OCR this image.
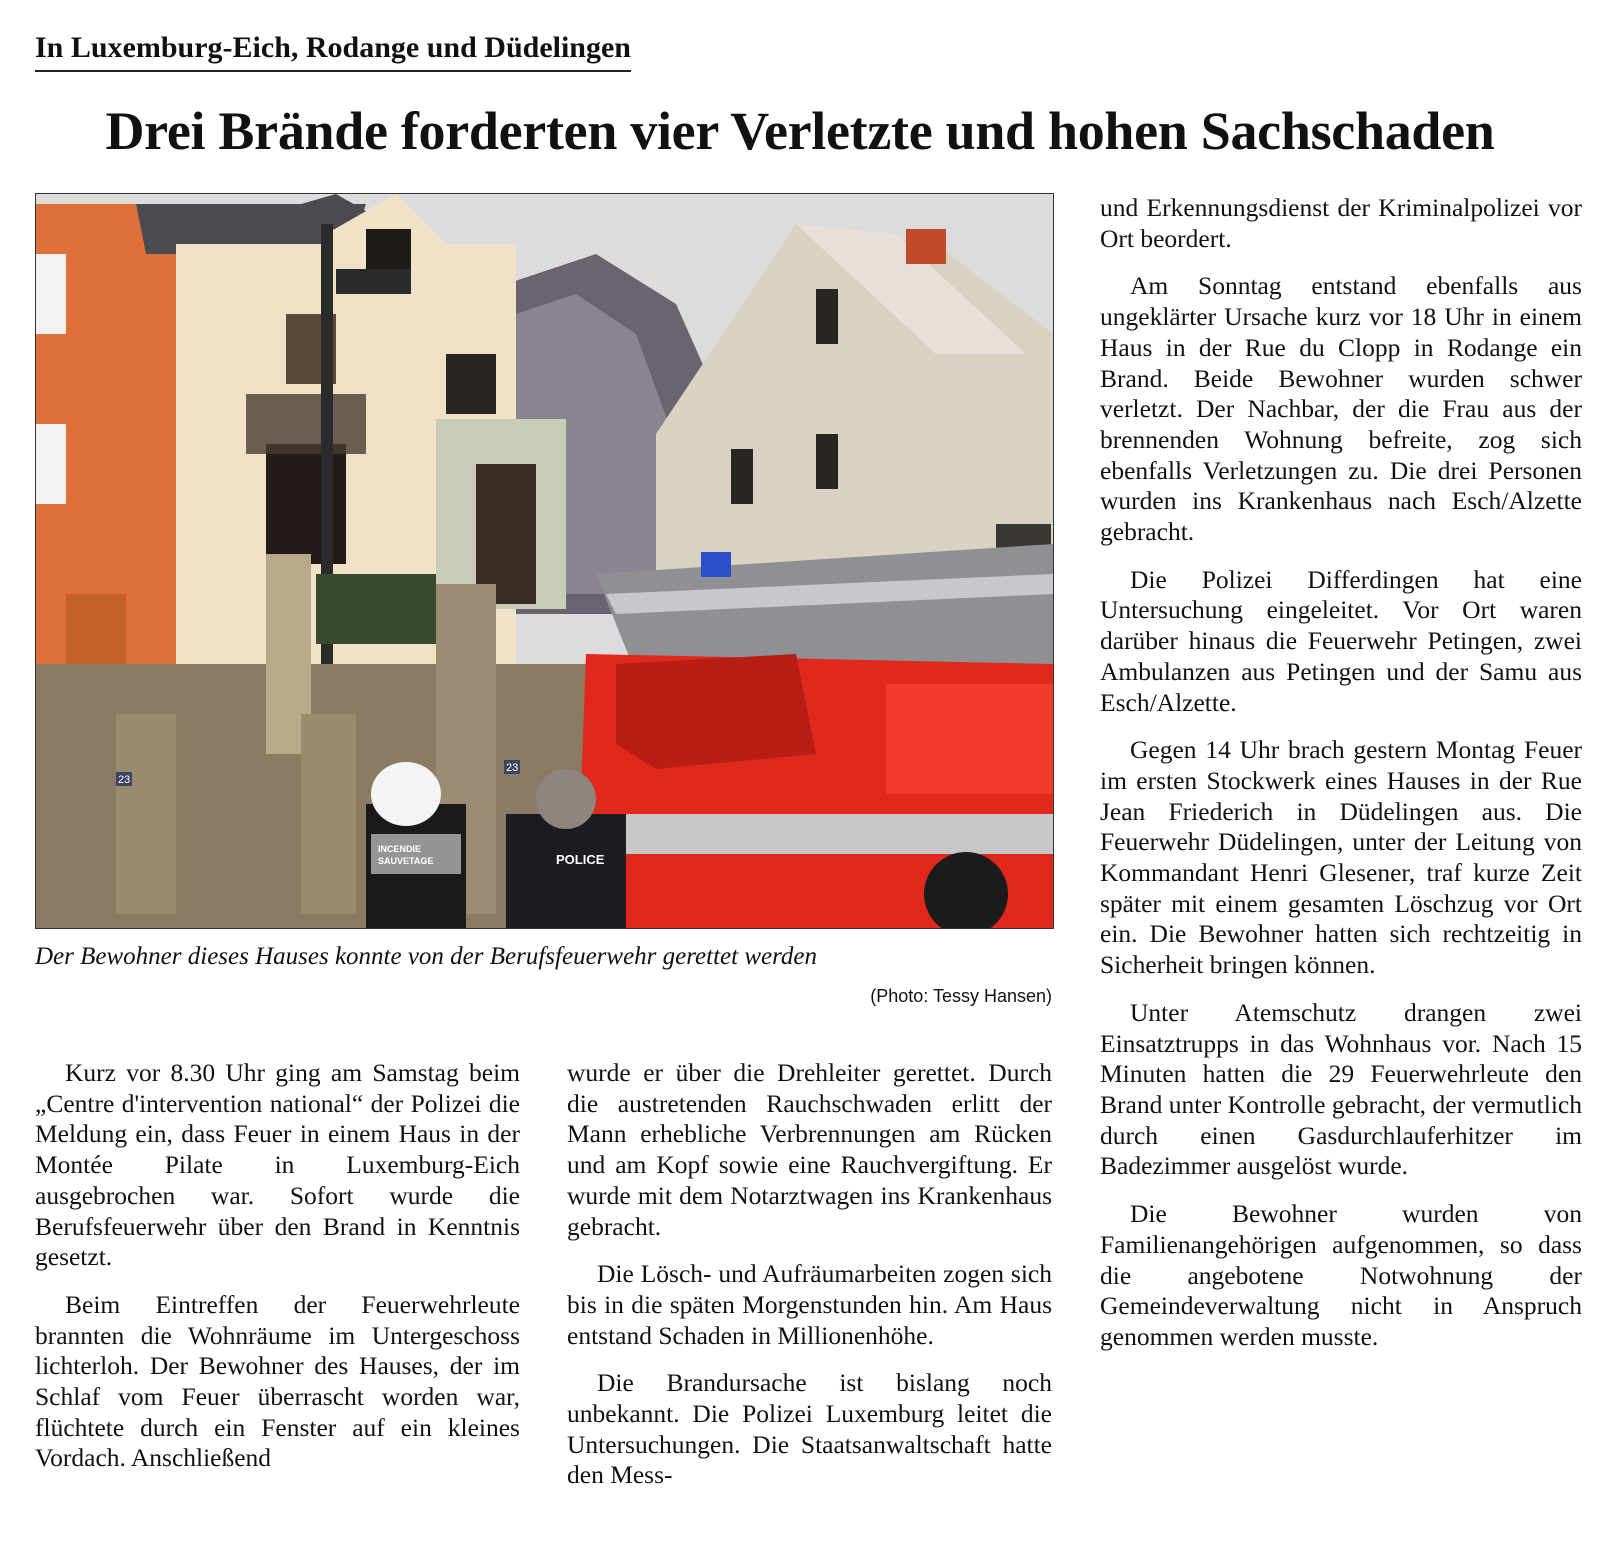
In Luxemburg-Eich, Rodange und Düdelingen
Drei Brände forderten vier Verletzte und hohen Sachschaden
23
23
INCENDIE
SAUVETAGE	POLICE
Der Bewohner dieses Hauses konnte von der Berufsfeuerwehr gerettet werden
(Photo: Tessy Hansen)

Kurz vor 8.30 Uhr ging am Samstag beim „Centre d'intervention national“ der Polizei die Meldung ein, dass Feuer in einem Haus in der Montée Pilate in Luxemburg-Eich ausgebrochen war. Sofort wurde die Berufsfeuerwehr über den Brand in Kenntnis gesetzt.

Beim Eintreffen der Feuerwehrleute brannten die Wohnräume im Untergeschoss lichterloh. Der Bewohner des Hauses, der im Schlaf vom Feuer überrascht worden war, flüchtete durch ein Fenster auf ein kleines Vordach. Anschließend

wurde er über die Drehleiter gerettet. Durch die austretenden Rauchschwaden erlitt der Mann erhebliche Verbrennungen am Rücken und am Kopf sowie eine Rauchvergiftung. Er wurde mit dem Notarztwagen ins Krankenhaus gebracht.

Die Lösch- und Aufräumarbeiten zogen sich bis in die späten Morgenstunden hin. Am Haus entstand Schaden in Millionenhöhe.

Die Brandursache ist bislang noch unbekannt. Die Polizei Luxemburg leitet die Untersuchungen. Die Staatsanwaltschaft hatte den Mess-

und Erkennungsdienst der Kriminalpolizei vor Ort beordert.

Am Sonntag entstand ebenfalls aus ungeklärter Ursache kurz vor 18 Uhr in einem Haus in der Rue du Clopp in Rodange ein Brand. Beide Bewohner wurden schwer verletzt. Der Nachbar, der die Frau aus der brennenden Wohnung befreite, zog sich ebenfalls Verletzungen zu. Die drei Personen wurden ins Krankenhaus nach Esch/Alzette gebracht.

Die Polizei Differdingen hat eine Untersuchung eingeleitet. Vor Ort waren darüber hinaus die Feuerwehr Petingen, zwei Ambulanzen aus Petingen und der Samu aus Esch/Alzette.

Gegen 14 Uhr brach gestern Montag Feuer im ersten Stockwerk eines Hauses in der Rue Jean Friederich in Düdelingen aus. Die Feuerwehr Düdelingen, unter der Leitung von Kommandant Henri Glesener, traf kurze Zeit später mit einem gesamten Löschzug vor Ort ein. Die Bewohner hatten sich rechtzeitig in Sicherheit bringen können.

Unter Atemschutz drangen zwei Einsatztrupps in das Wohnhaus vor. Nach 15 Minuten hatten die 29 Feuerwehrleute den Brand unter Kontrolle gebracht, der vermutlich durch einen Gasdurchlauferhitzer im Badezimmer ausgelöst wurde.

Die Bewohner wurden von Familienangehörigen aufgenommen, so dass die angebotene Notwohnung der Gemeindeverwaltung nicht in Anspruch genommen werden musste.
